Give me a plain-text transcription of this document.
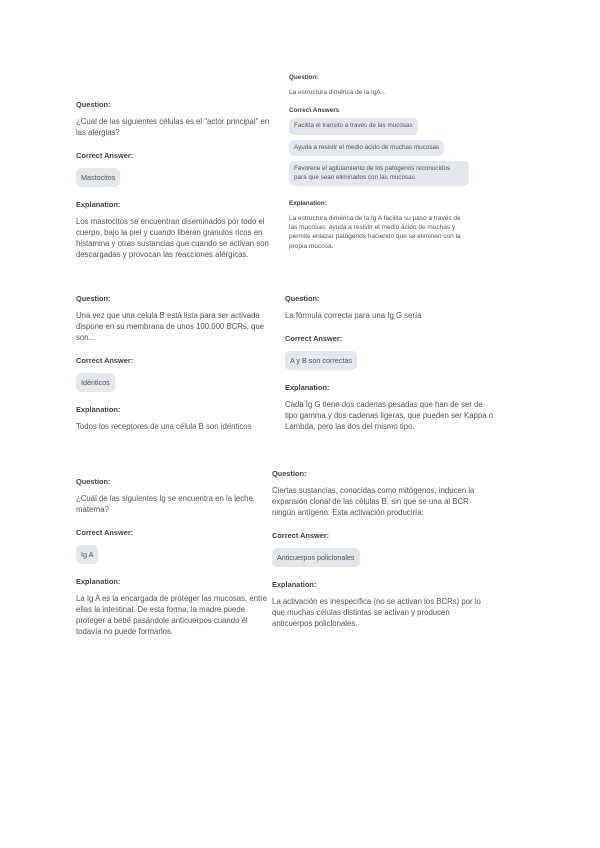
Question:
¿Cual de las siguientes células es el "actor principal" en las alergias?
Correct Answer:
Mastocitos
Explanation:
Los mastocitos se encuentran diseminados por todo el cuerpo, bajo la piel y cuando liberan granulos ricos en histamina y otras sustancias que cuando se activan son descargadas y provocan las reacciones alérgicas.
Question:
La estructura dimérica de la IgA...
Correct Answers
Facilita el transito a través de las mucosas
Ayuda a resistir el medio ácido de muchas mucosas
Favorece el aglutamiento de los patógenos reconocidos para que sean eliminados con las mucosas
Explanation:
La estructura dimérica de la Ig A facilita su paso a través de las mucosas, ayuda a resistir el medio ácido de muchas y permite enlazar patógenos haciendo que se eliminen con la propia mucosa.
Question:
Una vez que una celula B está lista para ser activada dispone en su membrana de unos 100.000 BCRs, que son...
Correct Answer:
Idénticos
Explanation:
Todos los receptores de una célula B son idénticos
Question:
La fórmula correcta para una Ig G sería
Correct Answer:
A y B son correctas
Explanation:
Cada Ig G tiene dos cadenas pesadas que han de ser de tipo gamma y dos cadenas ligeras, que pueden ser Kappa o Lambda, pero las dos del mismo tipo.
Question:
¿Cuál de las siguientes Ig se encuentra en la leche materna?
Correct Answer:
Ig A
Explanation:
La Ig A es la encargada de proteger las mucosas, entre ellas la intestinal. De esta forma, la madre puede proteger a bebé pasándole anticuerpos cuando él todavía no puede formarlos.
Question:
Ciertas sustancias, conocidas como mitógenos, inducen la expansión clonal de las células B, sin que se una al BCR ningún antígeno. Esta activación produciría:
Correct Answer:
Anticuerpos policlonales
Explanation:
La activación es inespecífica (no se activan los BCRs) por lo que muchas células distintas se activan y producen anticuerpos policlonales.
